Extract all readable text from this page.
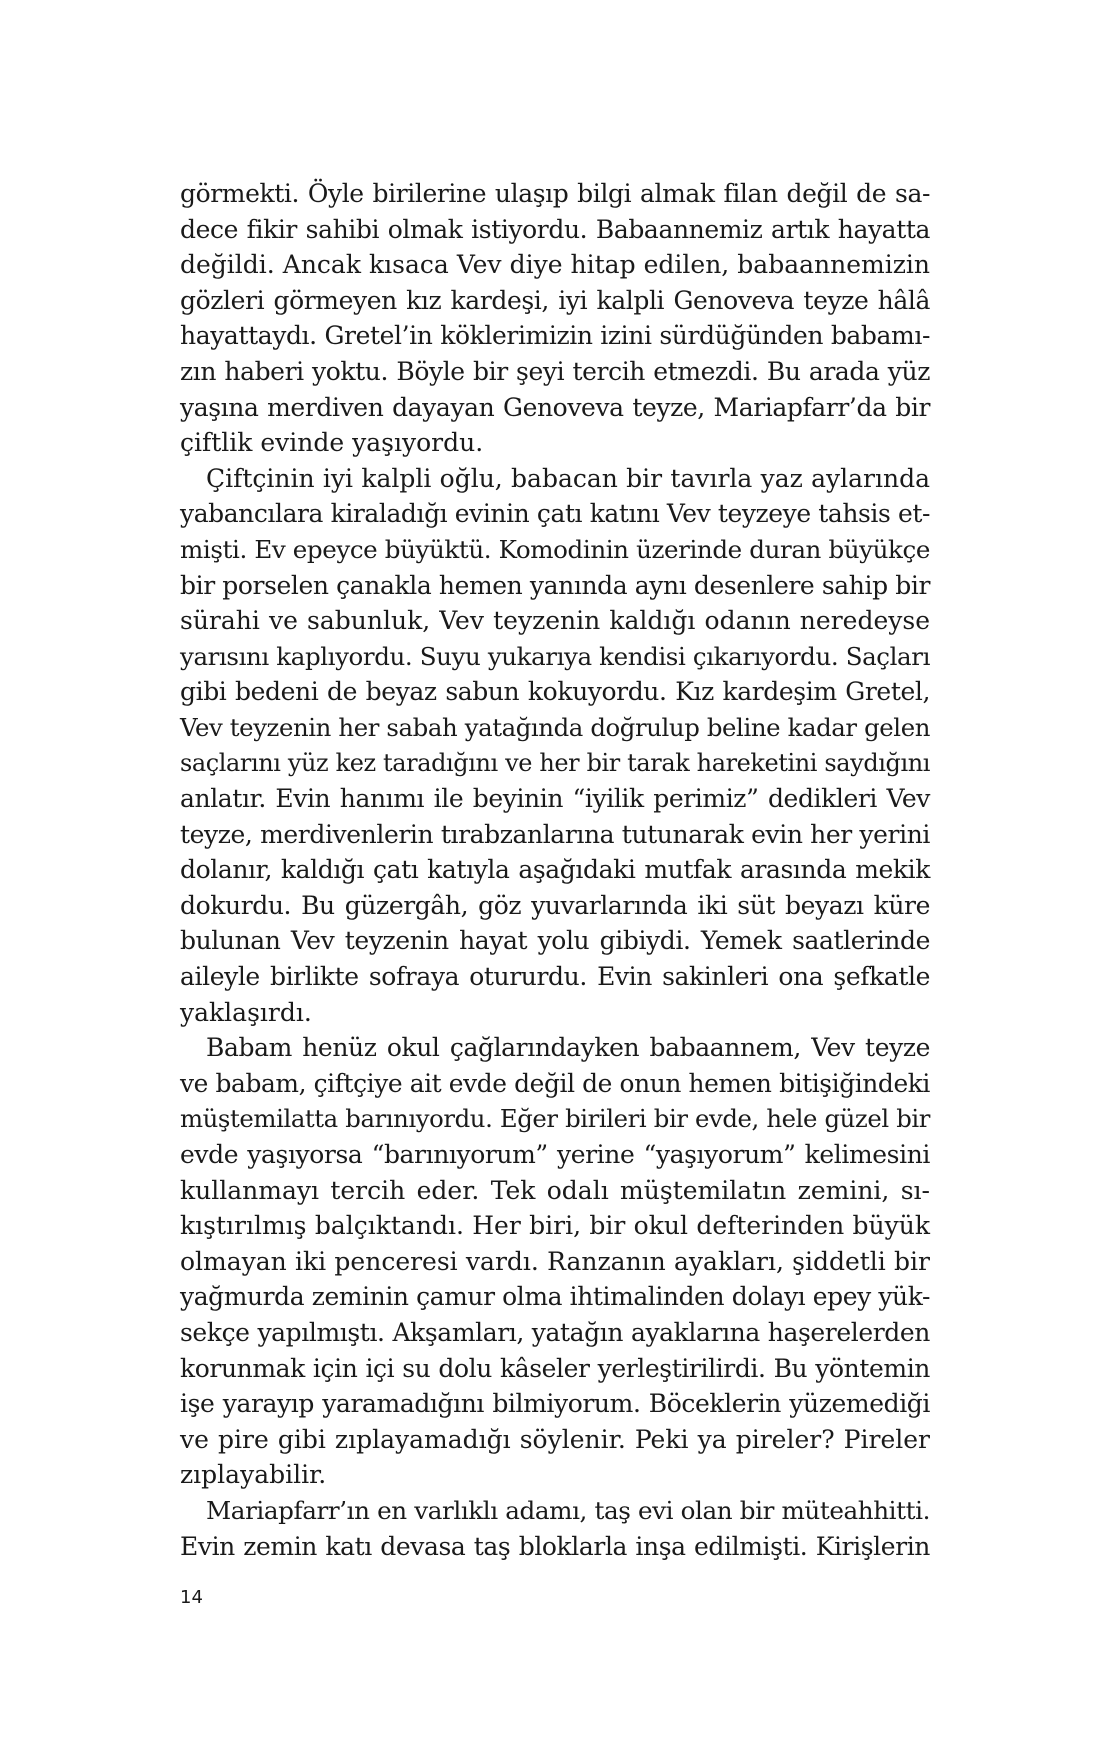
görmekti. Öyle birilerine ulaşıp bilgi almak filan değil de sa-
dece fikir sahibi olmak istiyordu. Babaannemiz artık hayatta
değildi. Ancak kısaca Vev diye hitap edilen, babaannemizin
gözleri görmeyen kız kardeşi, iyi kalpli Genoveva teyze hâlâ
hayattaydı. Gretel’in köklerimizin izini sürdüğünden babamı-
zın haberi yoktu. Böyle bir şeyi tercih etmezdi. Bu arada yüz
yaşına merdiven dayayan Genoveva teyze, Mariapfarr’da bir
çiftlik evinde yaşıyordu.
Çiftçinin iyi kalpli oğlu, babacan bir tavırla yaz aylarında
yabancılara kiraladığı evinin çatı katını Vev teyzeye tahsis et-
mişti. Ev epeyce büyüktü. Komodinin üzerinde duran büyükçe
bir porselen çanakla hemen yanında aynı desenlere sahip bir
sürahi ve sabunluk, Vev teyzenin kaldığı odanın neredeyse
yarısını kaplıyordu. Suyu yukarıya kendisi çıkarıyordu. Saçları
gibi bedeni de beyaz sabun kokuyordu. Kız kardeşim Gretel,
Vev teyzenin her sabah yatağında doğrulup beline kadar gelen
saçlarını yüz kez taradığını ve her bir tarak hareketini saydığını
anlatır. Evin hanımı ile beyinin “iyilik perimiz” dedikleri Vev
teyze, merdivenlerin tırabzanlarına tutunarak evin her yerini
dolanır, kaldığı çatı katıyla aşağıdaki mutfak arasında mekik
dokurdu. Bu güzergâh, göz yuvarlarında iki süt beyazı küre
bulunan Vev teyzenin hayat yolu gibiydi. Yemek saatlerinde
aileyle birlikte sofraya otururdu. Evin sakinleri ona şefkatle
yaklaşırdı.
Babam henüz okul çağlarındayken babaannem, Vev teyze
ve babam, çiftçiye ait evde değil de onun hemen bitişiğindeki
müştemilatta barınıyordu. Eğer birileri bir evde, hele güzel bir
evde yaşıyorsa “barınıyorum” yerine “yaşıyorum” kelimesini
kullanmayı tercih eder. Tek odalı müştemilatın zemini, sı-
kıştırılmış balçıktandı. Her biri, bir okul defterinden büyük
olmayan iki penceresi vardı. Ranzanın ayakları, şiddetli bir
yağmurda zeminin çamur olma ihtimalinden dolayı epey yük-
sekçe yapılmıştı. Akşamları, yatağın ayaklarına haşerelerden
korunmak için içi su dolu kâseler yerleştirilirdi. Bu yöntemin
işe yarayıp yaramadığını bilmiyorum. Böceklerin yüzemediği
ve pire gibi zıplayamadığı söylenir. Peki ya pireler? Pireler
zıplayabilir.
Mariapfarr’ın en varlıklı adamı, taş evi olan bir müteahhitti.
Evin zemin katı devasa taş bloklarla inşa edilmişti. Kirişlerin
14
